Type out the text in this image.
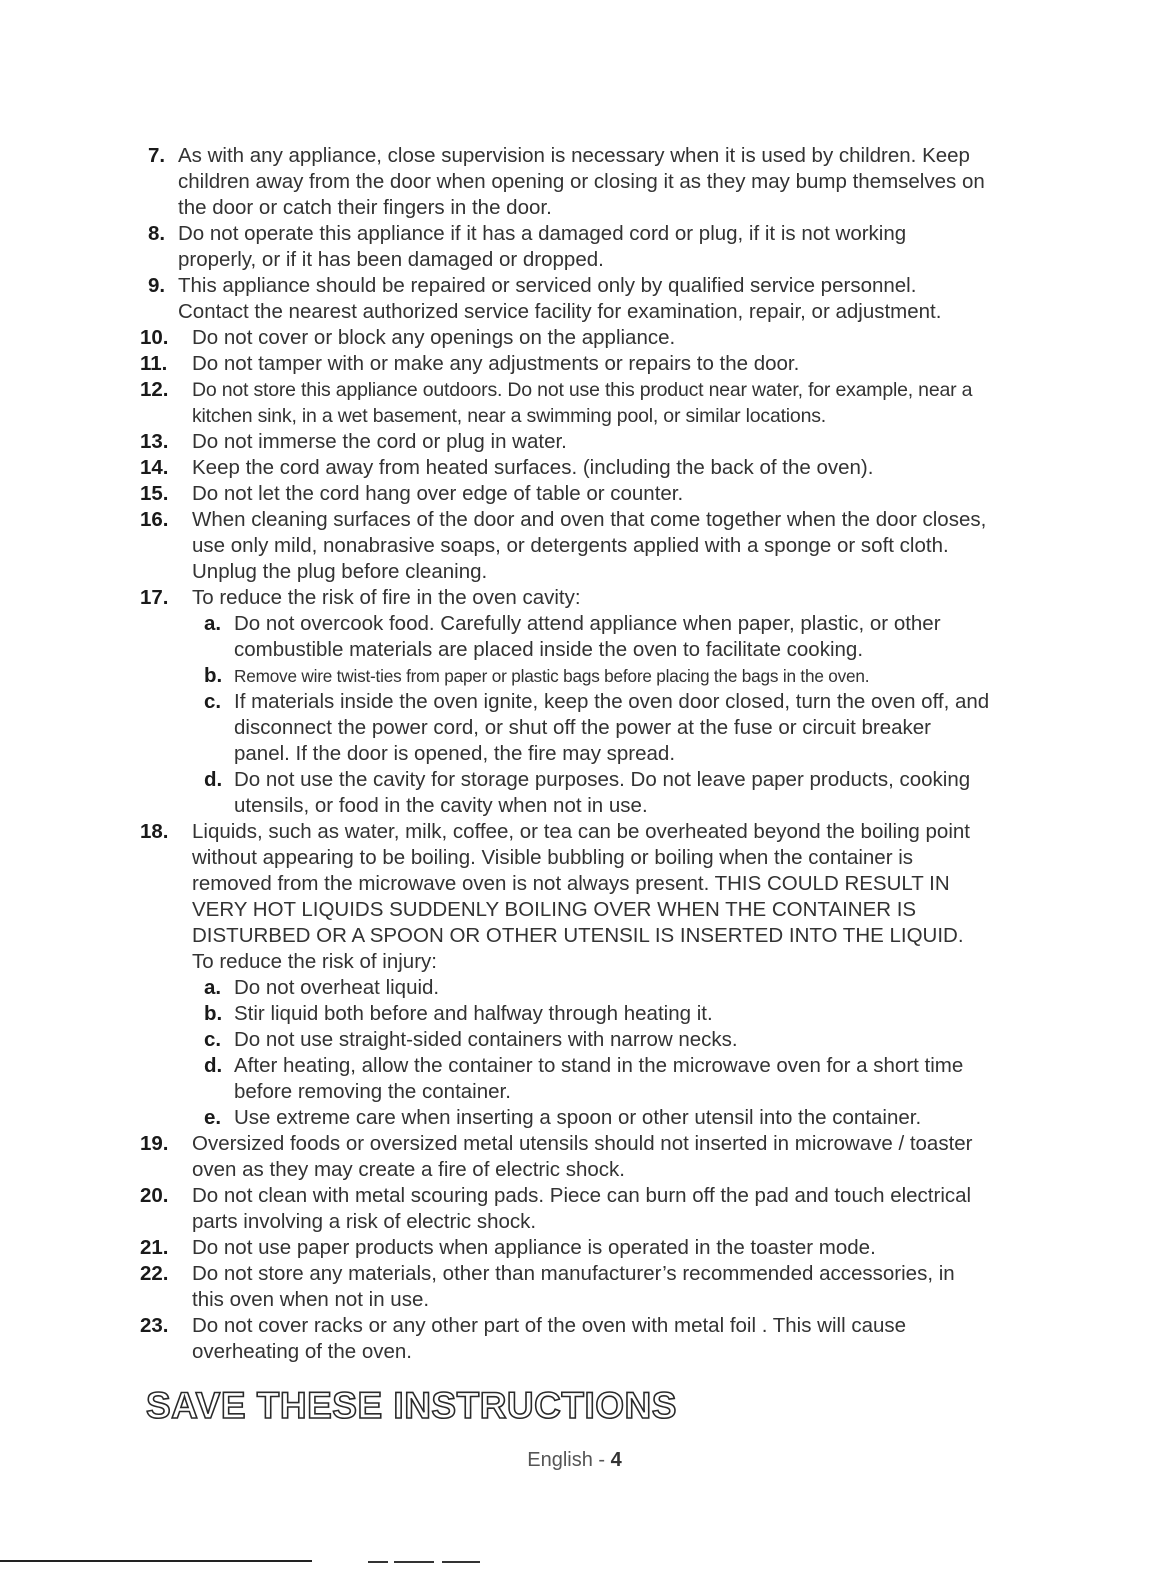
7. As with any appliance, close supervision is necessary when it is used by children. Keep children away from the door when opening or closing it as they may bump themselves on the door or catch their fingers in the door.
8. Do not operate this appliance if it has a damaged cord or plug, if it is not working properly, or if it has been damaged or dropped.
9. This appliance should be repaired or serviced only by qualified service personnel. Contact the nearest authorized service facility for examination, repair, or adjustment.
10.	Do not cover or block any openings on the appliance.
11.	Do not tamper with or make any adjustments or repairs to the door.
12.	Do not store this appliance outdoors. Do not use this product near water, for example, near a kitchen sink, in a wet basement, near a swimming pool, or similar locations.
13.	Do not immerse the cord or plug in water.
14.	Keep the cord away from heated surfaces. (including the back of the oven).
15.	Do not let the cord hang over edge of table or counter.
16.	When cleaning surfaces of the door and oven that come together when the door closes, use only mild, nonabrasive soaps, or detergents applied with a sponge or soft cloth. Unplug the plug before cleaning.
17.	To reduce the risk of fire in the oven cavity:
a. Do not overcook food. Carefully attend appliance when paper, plastic, or other combustible materials are placed inside the oven to facilitate cooking.
b. Remove wire twist-ties from paper or plastic bags before placing the bags in the oven.
c. If materials inside the oven ignite, keep the oven door closed, turn the oven off, and disconnect the power cord, or shut off the power at the fuse or circuit breaker panel. If the door is opened, the fire may spread.
d. Do not use the cavity for storage purposes. Do not leave paper products, cooking utensils, or food in the cavity when not in use.
18.	Liquids, such as water, milk, coffee, or tea can be overheated beyond the boiling point without appearing to be boiling. Visible bubbling or boiling when the container is removed from the microwave oven is not always present. THIS COULD RESULT IN VERY HOT LIQUIDS SUDDENLY BOILING OVER WHEN THE CONTAINER IS DISTURBED OR A SPOON OR OTHER UTENSIL IS INSERTED INTO THE LIQUID.
To reduce the risk of injury:
a. Do not overheat liquid.
b. Stir liquid both before and halfway through heating it.
c. Do not use straight-sided containers with narrow necks.
d. After heating, allow the container to stand in the microwave oven for a short time before removing the container.
e. Use extreme care when inserting a spoon or other utensil into the container.
19.	Oversized foods or oversized metal utensils should not inserted in microwave / toaster oven as they may create a fire of electric shock.
20.	Do not clean with metal scouring pads. Piece can burn off the pad and touch electrical parts involving a risk of electric shock.
21.	Do not use paper products when appliance is operated in the toaster mode.
22.	Do not store any materials, other than manufacturer’s recommended accessories, in this oven when not in use.
23.	Do not cover racks or any other part of the oven with metal foil . This will cause overheating of the oven.
SAVE THESE INSTRUCTIONS
English - 4
